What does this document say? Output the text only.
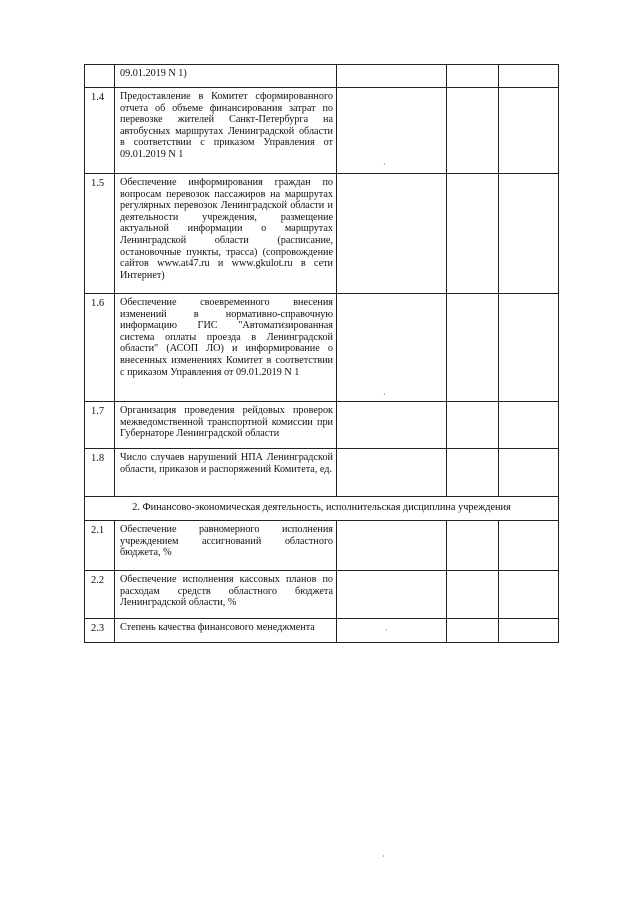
	09.01.2019 N 1)			
1.4	Предоставление в Комитет сформированного отчета об объеме финансирования затрат по перевозке жителей Санкт-Петербурга на автобусных маршрутах Ленинградской области в соответствии с приказом Управления от 09.01.2019 N 1			
1.5	Обеспечение информирования граждан по вопросам перевозок пассажиров на маршрутах регулярных перевозок Ленинградской области и деятельности учреждения, размещение актуальной информации о маршрутах Ленинградской области (расписание, остановочные пункты, трасса) (сопровождение сайтов www.at47.ru и www.gkulot.ru в сети Интернет)			
1.6	Обеспечение своевременного внесения изменений в нормативно-справочную информацию ГИС "Автоматизированная система оплаты проезда в Ленинградской области" (АСОП ЛО) и информирование о внесенных изменениях Комитет в соответствии с приказом Управления от 09.01.2019 N 1			
1.7	Организация проведения рейдовых проверок межведомственной транспортной комиссии при Губернаторе Ленинградской области			
1.8	Число случаев нарушений НПА Ленинградской области, приказов и распоряжений Комитета, ед.			
2. Финансово-экономическая деятельность, исполнительская дисциплина учреждения				
2.1	Обеспечение равномерного исполнения учреждением ассигнований областного бюджета, %			
2.2	Обеспечение исполнения кассовых планов по расходам средств областного бюджета Ленинградской области, %			
2.3	Степень качества финансового менеджмента			
·
·
·
·
